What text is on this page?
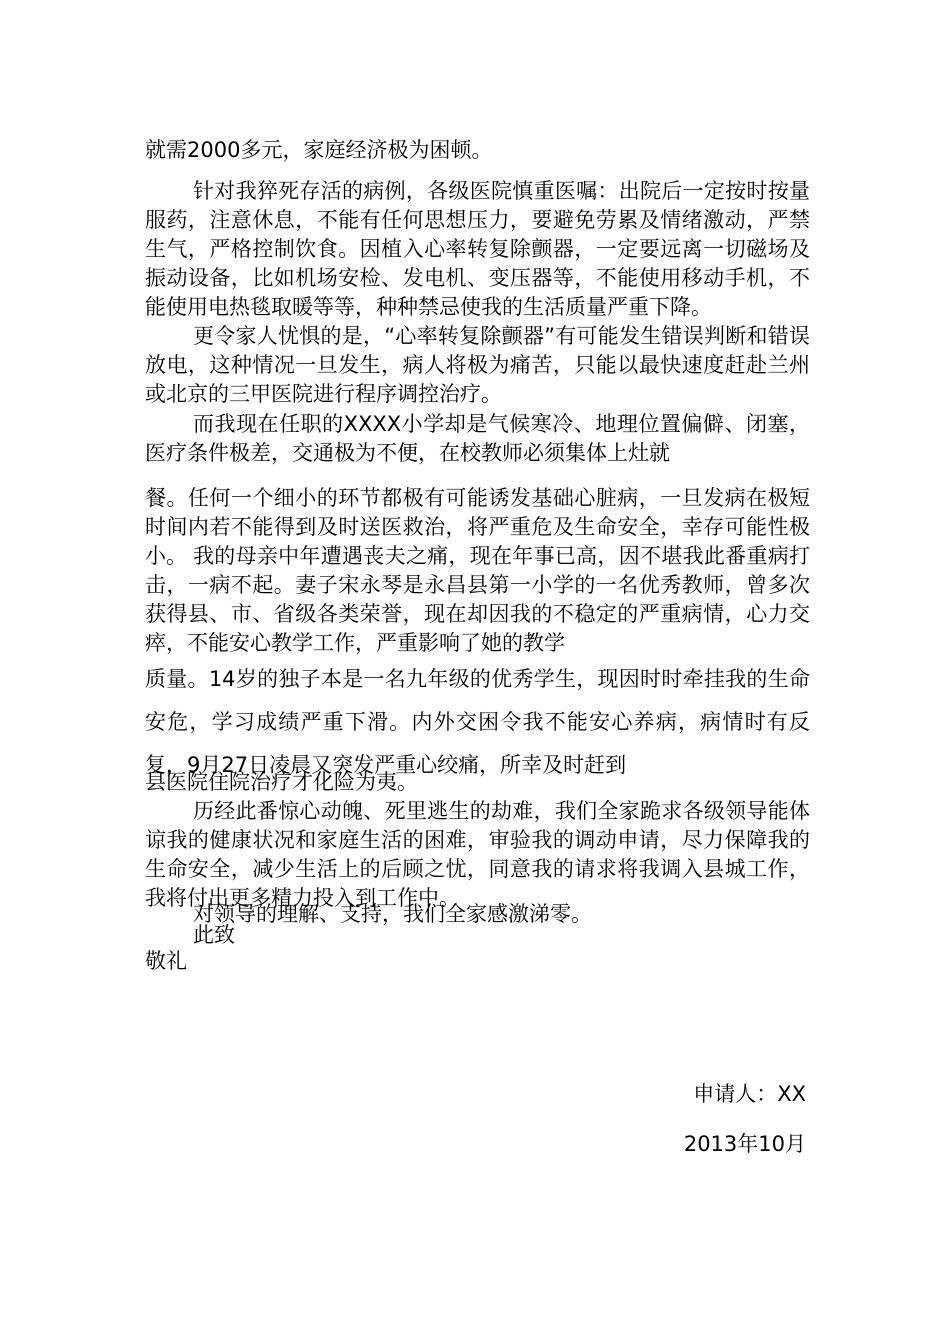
就需2000多元，家庭经济极为困顿。

针对我猝死存活的病例，各级医院慎重医嘱：出院后一定按时按量服药，注意休息，不能有任何思想压力，要避免劳累及情绪激动，严禁生气，严格控制饮食。因植入心率转复除颤器，一定要远离一切磁场及振动设备，比如机场安检、发电机、变压器等，不能使用移动手机，不能使用电热毯取暖等等，种种禁忌使我的生活质量严重下降。

更令家人忧惧的是，“心率转复除颤器”有可能发生错误判断和错误放电，这种情况一旦发生，病人将极为痛苦，只能以最快速度赶赴兰州或北京的三甲医院进行程序调控治疗。

而我现在任职的XXXX小学却是气候寒冷、地理位置偏僻、闭塞，医疗条件极差，交通极为不便，在校教师必须集体上灶就

餐。任何一个细小的环节都极有可能诱发基础心脏病，一旦发病在极短时间内若不能得到及时送医救治，将严重危及生命安全，幸存可能性极小。 我的母亲中年遭遇丧夫之痛，现在年事已高，因不堪我此番重病打击，一病不起。妻子宋永琴是永昌县第一小学的一名优秀教师，曾多次获得县、市、省级各类荣誉，现在却因我的不稳定的严重病情，心力交瘁，不能安心教学工作，严重影响了她的教学

质量。14岁的独子本是一名九年级的优秀学生，现因时时牵挂我的生命安危，学习成绩严重下滑。内外交困令我不能安心养病，病情时有反复，9月27日凌晨又突发严重心绞痛，所幸及时赶到

县医院住院治疗才化险为夷。

历经此番惊心动魄、死里逃生的劫难，我们全家跪求各级领导能体谅我的健康状况和家庭生活的困难，审验我的调动申请，尽力保障我的生命安全，减少生活上的后顾之忧，同意我的请求将我调入县城工作，我将付出更多精力投入到工作中。

对领导的理解、支持，我们全家感激涕零。

此致

敬礼

申请人：XX

2013年10月
